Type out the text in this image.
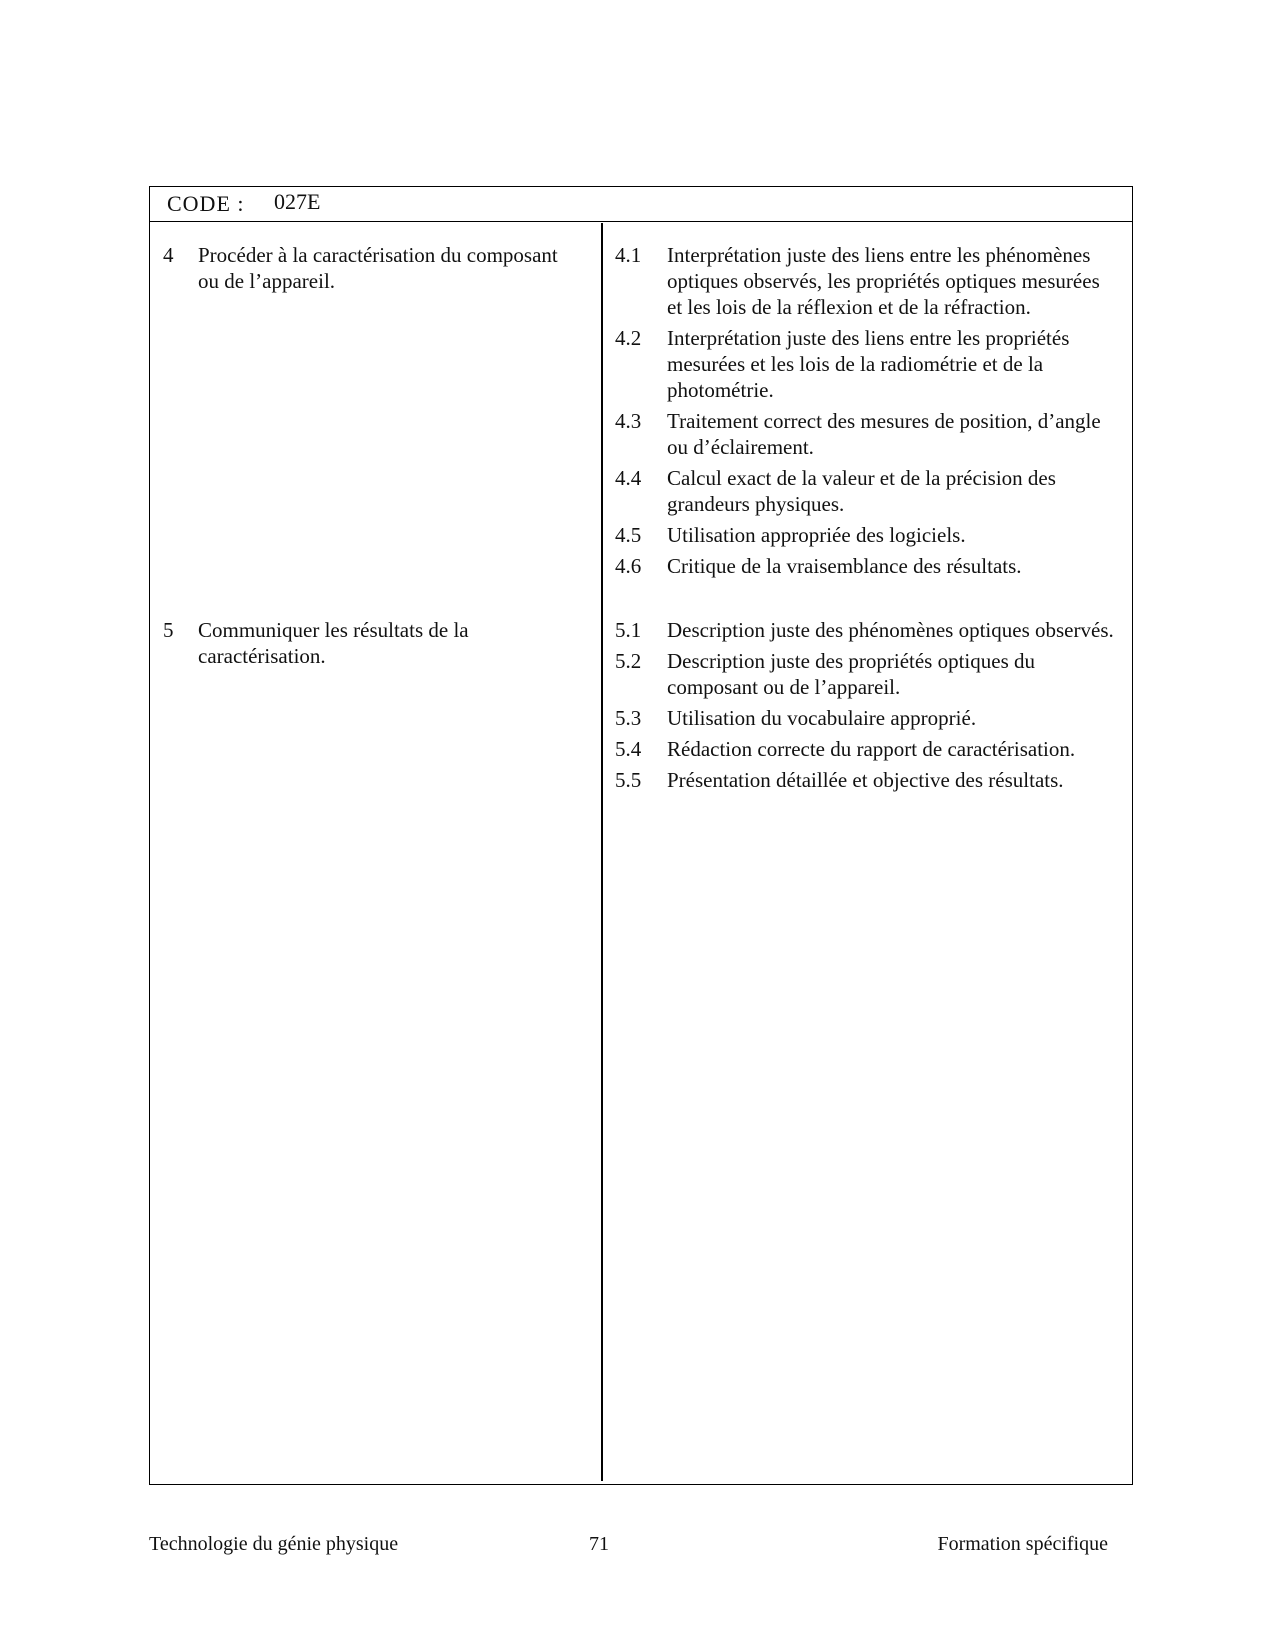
CODE : 027E
4 Procéder à la caractérisation du composant ou de l’appareil.
5 Communiquer les résultats de la caractérisation.
4.1 Interprétation juste des liens entre les phénomènes optiques observés, les propriétés optiques mesurées et les lois de la réflexion et de la réfraction.
4.2 Interprétation juste des liens entre les propriétés mesurées et les lois de la radiométrie et de la photométrie.
4.3 Traitement correct des mesures de position, d’angle ou d’éclairement.
4.4 Calcul exact de la valeur et de la précision des grandeurs physiques.
4.5 Utilisation appropriée des logiciels.
4.6 Critique de la vraisemblance des résultats.
5.1 Description juste des phénomènes optiques observés.
5.2 Description juste des propriétés optiques du composant ou de l’appareil.
5.3 Utilisation du vocabulaire approprié.
5.4 Rédaction correcte du rapport de caractérisation.
5.5 Présentation détaillée et objective des résultats.
Technologie du génie physique	71	Formation spécifique
